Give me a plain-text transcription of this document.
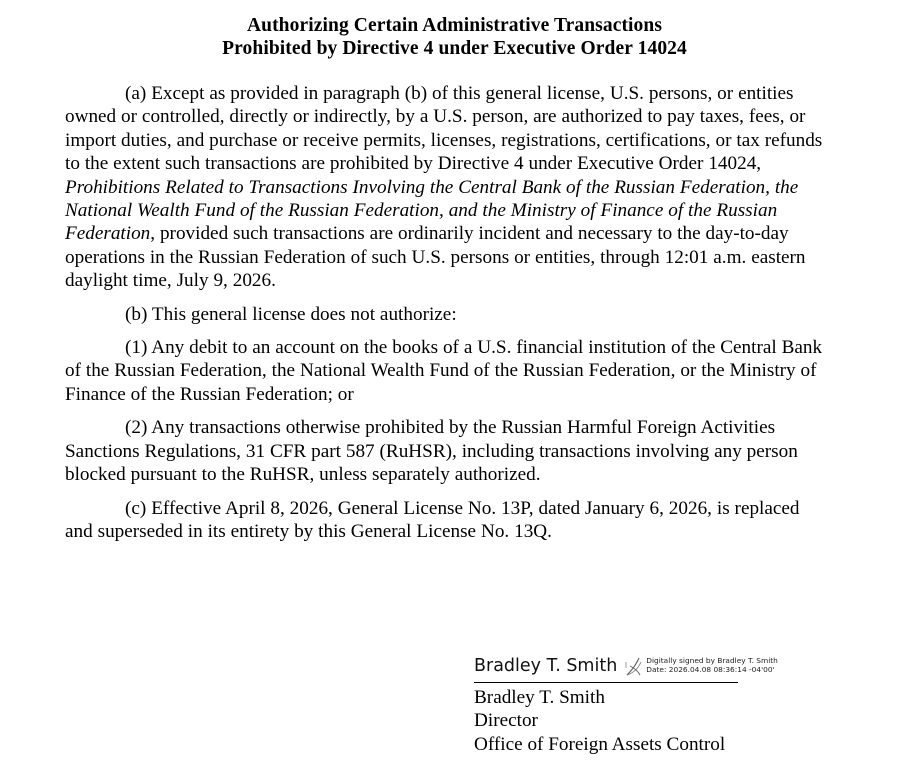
Authorizing Certain Administrative Transactions
Prohibited by Directive 4 under Executive Order 14024

(a) Except as provided in paragraph (b) of this general license, U.S. persons, or entities owned or controlled, directly or indirectly, by a U.S. person, are authorized to pay taxes, fees, or import duties, and purchase or receive permits, licenses, registrations, certifications, or tax refunds to the extent such transactions are prohibited by Directive 4 under Executive Order 14024, Prohibitions Related to Transactions Involving the Central Bank of the Russian Federation, the National Wealth Fund of the Russian Federation, and the Ministry of Finance of the Russian Federation, provided such transactions are ordinarily incident and necessary to the day-to-day operations in the Russian Federation of such U.S. persons or entities, through 12:01 a.m. eastern daylight time, July 9, 2026.

(b) This general license does not authorize:

(1) Any debit to an account on the books of a U.S. financial institution of the Central Bank of the Russian Federation, the National Wealth Fund of the Russian Federation, or the Ministry of Finance of the Russian Federation; or

(2) Any transactions otherwise prohibited by the Russian Harmful Foreign Activities Sanctions Regulations, 31 CFR part 587 (RuHSR), including transactions involving any person blocked pursuant to the RuHSR, unless separately authorized.

(c) Effective April 8, 2026, General License No. 13P, dated January 6, 2026, is replaced and superseded in its entirety by this General License No. 13Q.

Bradley T. Smith	Digitally signed by Bradley T. Smith
Date: 2026.04.08 08:36:14 -04'00'
Bradley T. Smith
Director
Office of Foreign Assets Control
